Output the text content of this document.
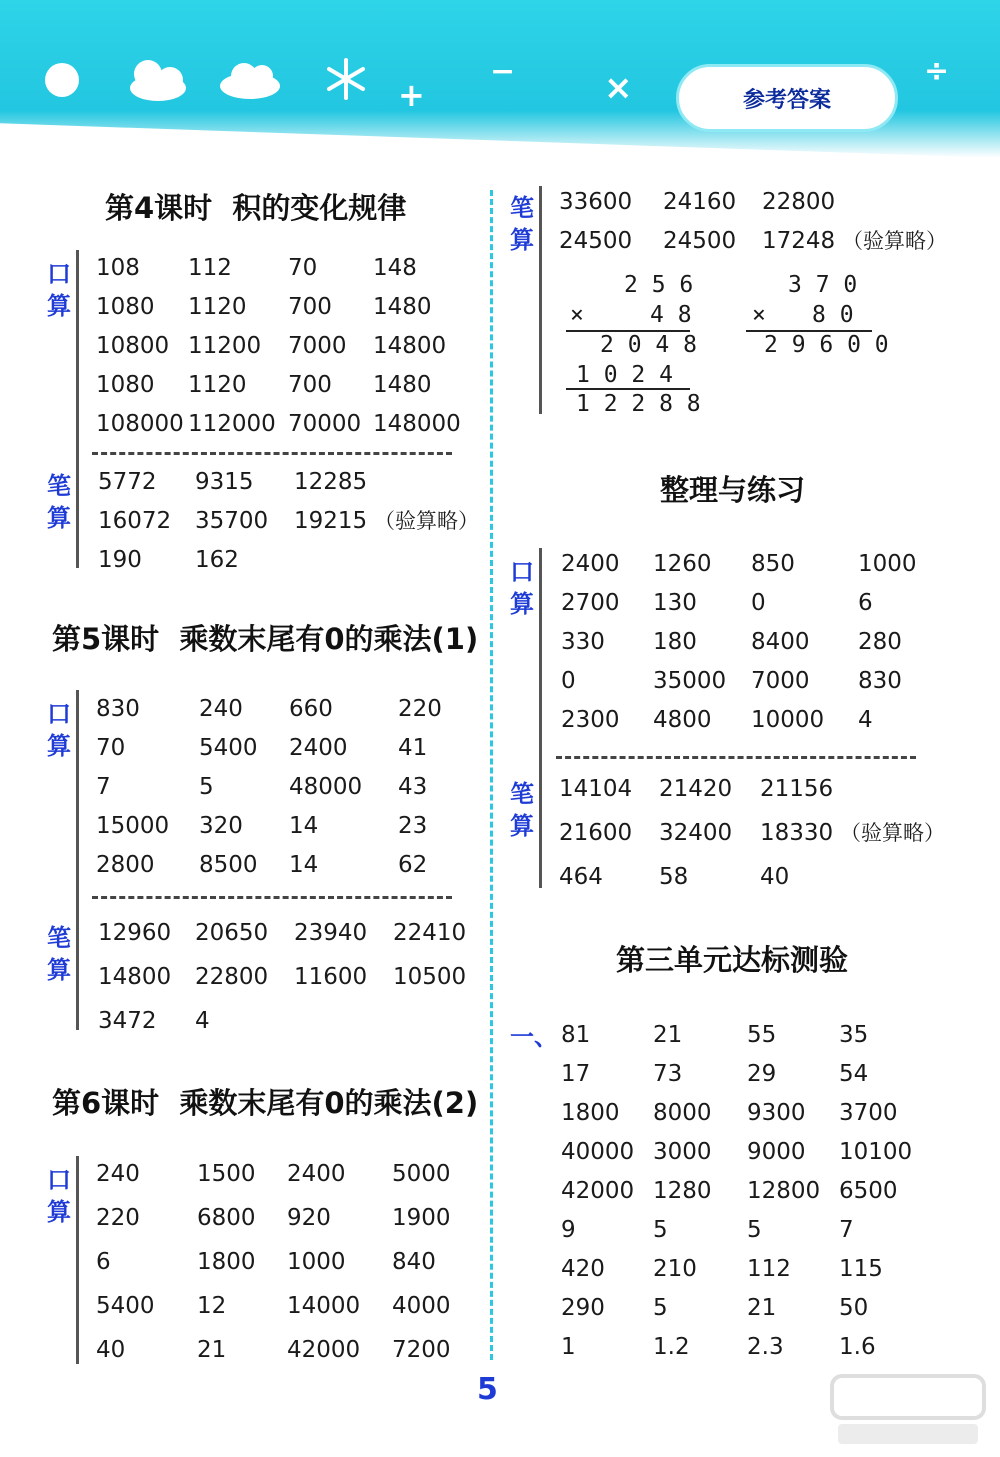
+
−	×	÷
参考答案
第4课时  积的变化规律
口算
108 112 70 148
1080 1120 700 1480
10800 11200 7000 14800
1080 1120 700 1480
108000 112000 70000 148000
笔算
5772 9315 12285
16072 35700 19215 （验算略）
190 162
第5课时  乘数末尾有0的乘法(1)
口算
830	240 660	220
70	5400 2400 41
7	5	48000 43
15000 320 14	23
2800 8500 14	62
笔算
12960 20650 23940 22410
14800 22800 11600 10500
3472 4
第6课时  乘数末尾有0的乘法(2)
口算
240 1500 2400 5000
220 6800 920	1900
6	1800 1000 840
5400 12	14000 4000
40	21	42000 7200
笔算
33600 24160 22800
24500 24500 17248 （验算略）
2 5 6
×	4 8
2 0 4 8
1 0 2 4
1 2 2 8 8
3 7 0
× 8 0
2 9 6 0 0
整理与练习
口算
2400 1260 850	1000
2700 130 0	6
330 180 8400 280
0	35000 7000 830
2300 4800 10000 4
笔算
14104 21420 21156
21600 32400 18330 （验算略）
464 58	40
第三单元达标测验
一、 81	21	55	35
17	73	29	54
1800 8000 9300 3700
40000 3000 9000 10100
42000 1280 12800 6500
9	5	5	7
420 210 112 115
290 5	21	50
1	1.2 2.3 1.6
5
